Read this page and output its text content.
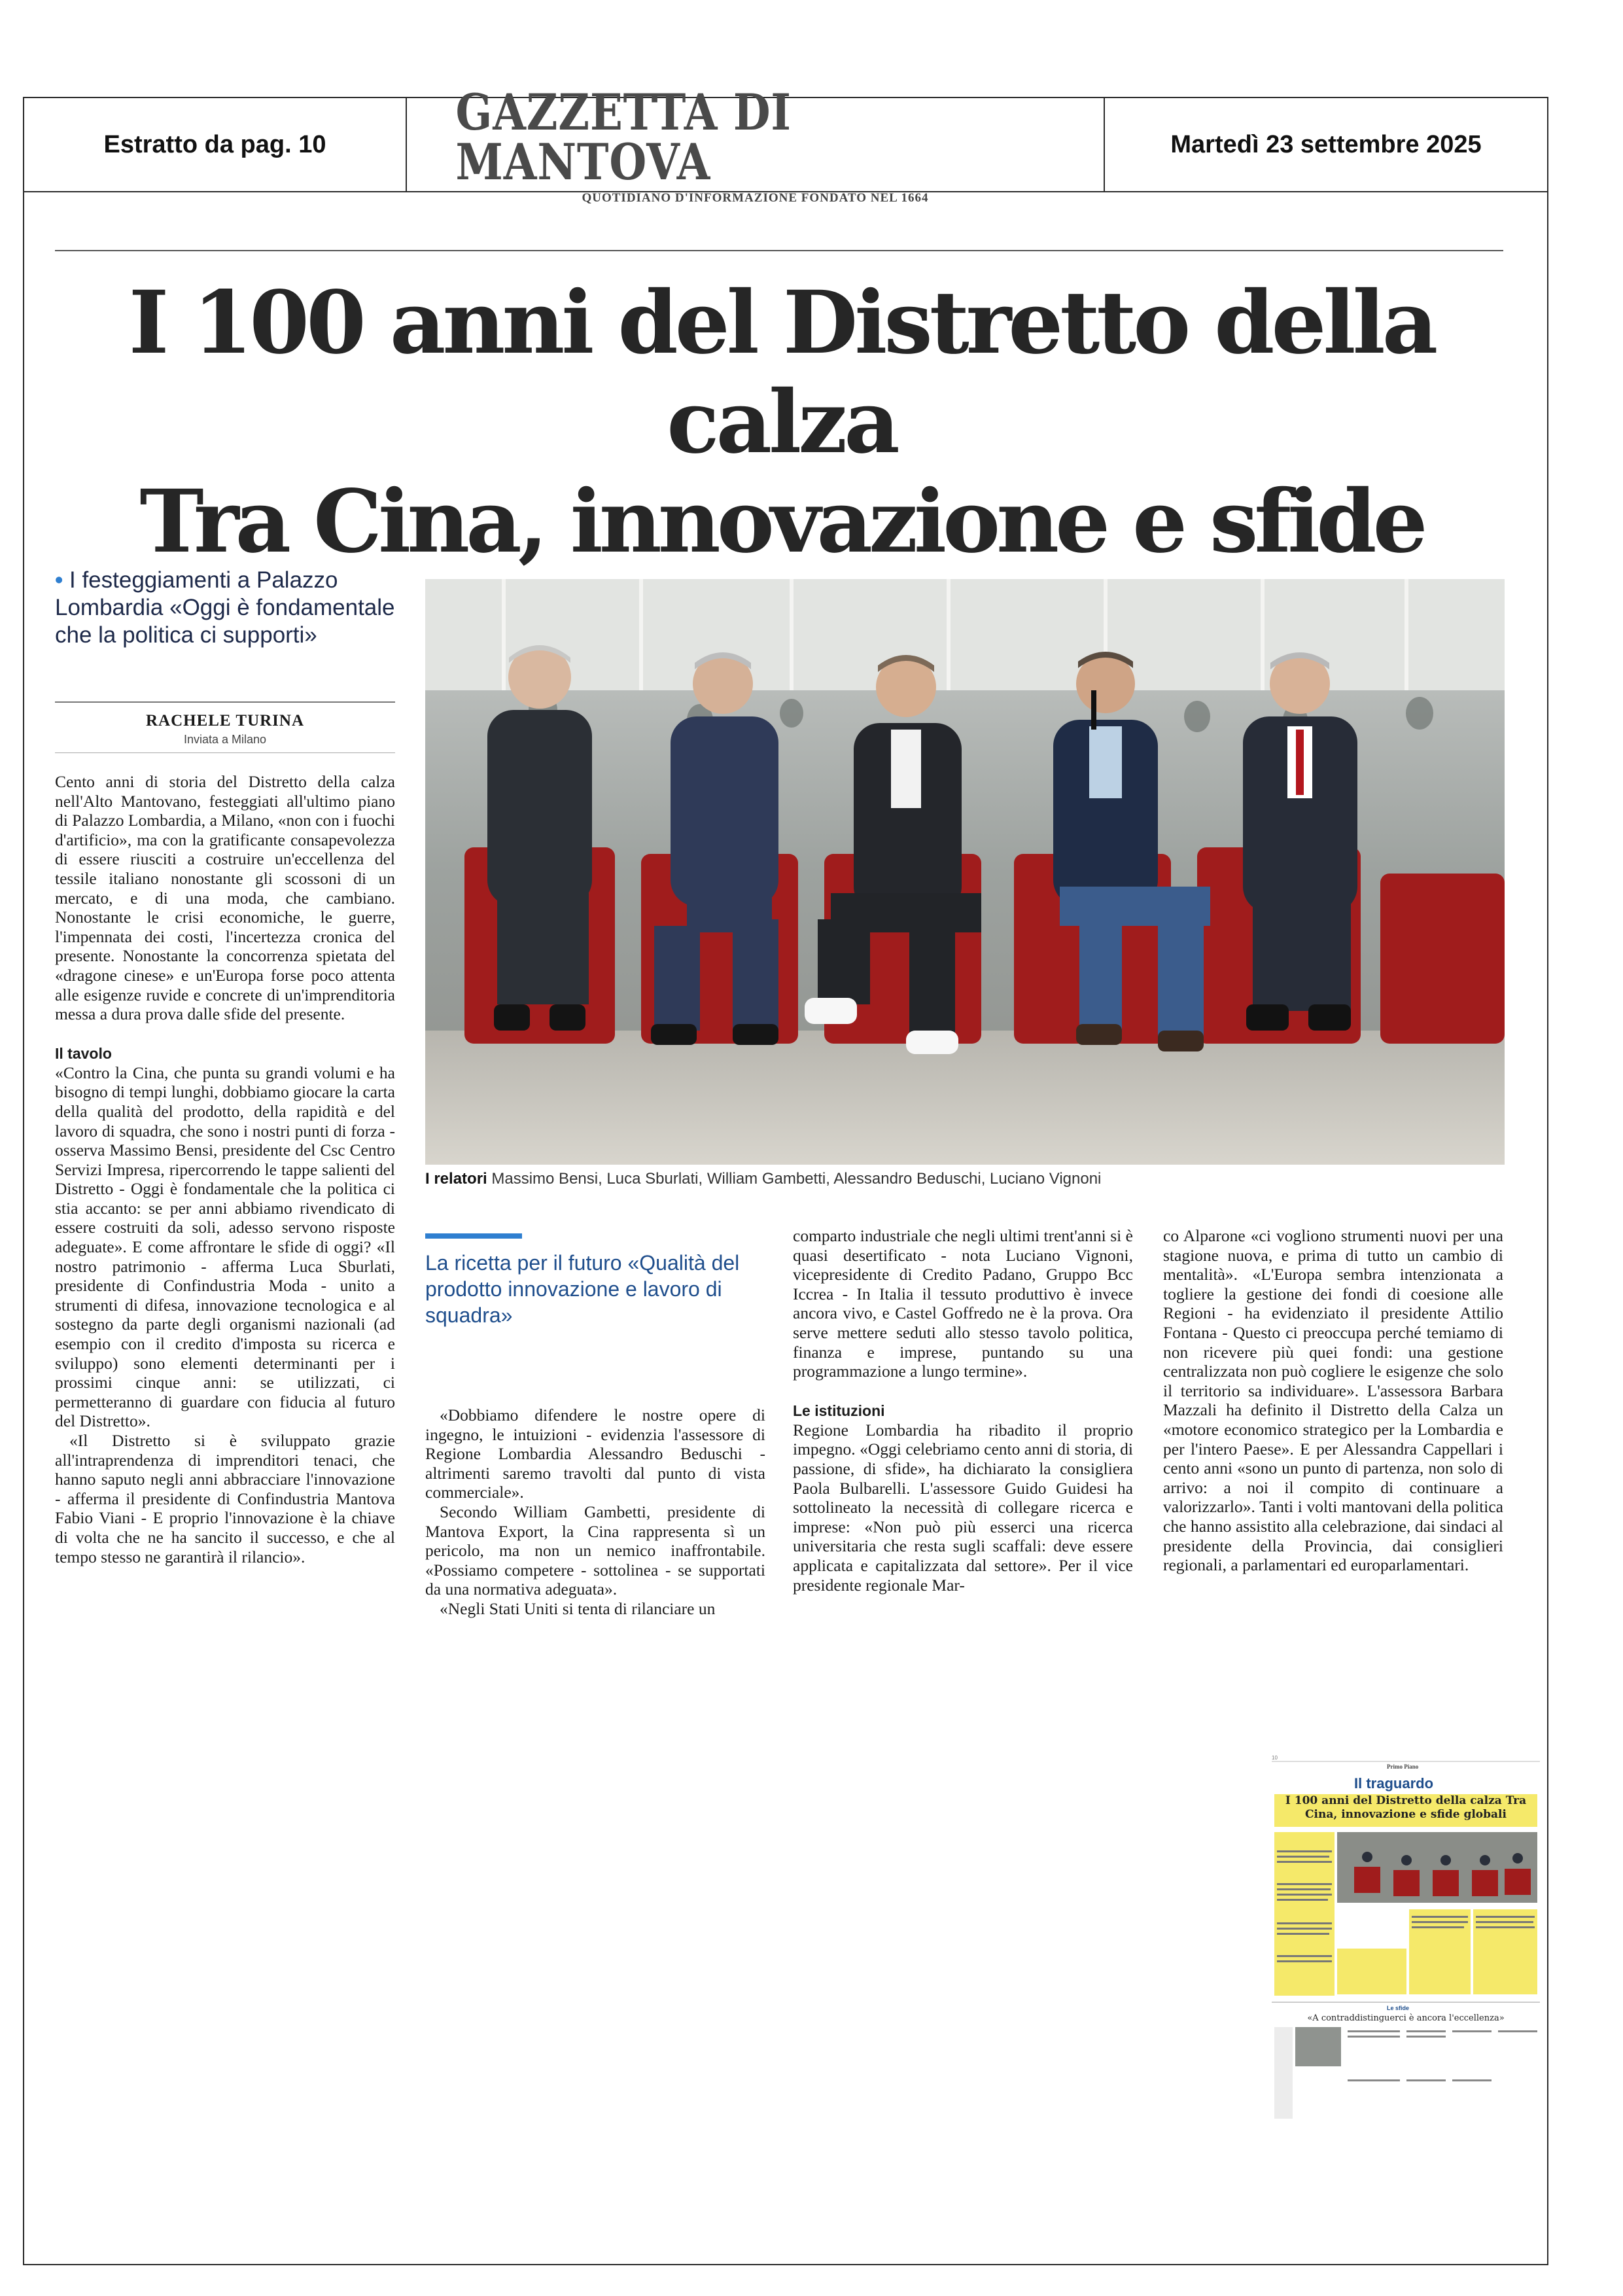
Estratto da pag. 10
GAZZETTA DI MANTOVA
QUOTIDIANO D'INFORMAZIONE FONDATO NEL 1664
Martedì 23 settembre 2025
I 100 anni del Distretto della calza
Tra Cina, innovazione e sfide
• I festeggiamenti a Palazzo Lombardia «Oggi è fondamentale che la politica ci supporti»
RACHELE TURINA
Inviata a Milano

Cento anni di storia del Distretto della calza nell'Alto Mantovano, festeggiati all'ultimo piano di Palazzo Lombardia, a Milano, «non con i fuochi d'artificio», ma con la gratificante consapevolezza di essere riusciti a costruire un'eccellenza del tessile italiano nonostante gli scossoni di un mercato, e di una moda, che cambiano. Nonostante le crisi economiche, le guerre, l'impennata dei costi, l'incertezza cronica del presente. Nonostante la concorrenza spietata del «dragone cinese» e un'Europa forse poco attenta alle esigenze ruvide e concrete di un'imprenditoria messa a dura prova dalle sfide del presente.

Il tavolo

«Contro la Cina, che punta su grandi volumi e ha bisogno di tempi lunghi, dobbiamo giocare la carta della qualità del prodotto, della rapidità e del lavoro di squadra, che sono i nostri punti di forza - osserva Massimo Bensi, presidente del Csc Centro Servizi Impresa, ripercorrendo le tappe salienti del Distretto - Oggi è fondamentale che la politica ci stia accanto: se per anni abbiamo rivendicato di essere costruiti da soli, adesso servono risposte adeguate». E come affrontare le sfide di oggi? «Il nostro patrimonio - afferma Luca Sburlati, presidente di Confindustria Moda - unito a strumenti di difesa, innovazione tecnologica e al sostegno da parte degli organismi nazionali (ad esempio con il credito d'imposta su ricerca e sviluppo) sono elementi determinanti per i prossimi cinque anni: se utilizzati, ci permetteranno di guardare con fiducia al futuro del Distretto».

«Il Distretto si è sviluppato grazie all'intraprendenza di imprenditori tenaci, che hanno saputo negli anni abbracciare l'innovazione - afferma il presidente di Confindustria Mantova Fabio Viani - E proprio l'innovazione è la chiave di volta che ne ha sancito il successo, e che al tempo stesso ne garantirà il rilancio».

I relatori Massimo Bensi, Luca Sburlati, William Gambetti, Alessandro Beduschi, Luciano Vignoni
La ricetta per il futuro «Qualità del prodotto innovazione e lavoro di squadra»

«Dobbiamo difendere le nostre opere di ingegno, le intuizioni - evidenzia l'assessore di Regione Lombardia Alessandro Beduschi - altrimenti saremo travolti dal punto di vista commerciale».

Secondo William Gambetti, presidente di Mantova Export, la Cina rappresenta sì un pericolo, ma non un nemico inaffrontabile. «Possiamo competere - sottolinea - se supportati da una normativa adeguata».

«Negli Stati Uniti si tenta di rilanciare un

comparto industriale che negli ultimi trent'anni si è quasi desertificato - nota Luciano Vignoni, vicepresidente di Credito Padano, Gruppo Bcc Iccrea - In Italia il tessuto produttivo è invece ancora vivo, e Castel Goffredo ne è la prova. Ora serve mettere seduti allo stesso tavolo politica, finanza e imprese, puntando su una programmazione a lungo termine».

Le istituzioni

Regione Lombardia ha ribadito il proprio impegno. «Oggi celebriamo cento anni di storia, di passione, di sfide», ha dichiarato la consigliera Paola Bulbarelli. L'assessore Guido Guidesi ha sottolineato la necessità di collegare ricerca e imprese: «Non può più esserci una ricerca universitaria che resta sugli scaffali: deve essere applicata e capitalizzata dal settore». Per il vice presidente regionale Mar-

co Alparone «ci vogliono strumenti nuovi per una stagione nuova, e prima di tutto un cambio di mentalità». «L'Europa sembra intenzionata a togliere la gestione dei fondi di coesione alle Regioni - ha evidenziato il presidente Attilio Fontana - Questo ci preoccupa perché temiamo di non ricevere più quei fondi: una gestione centralizzata non può cogliere le esigenze che solo il territorio sa individuare». L'assessora Barbara Mazzali ha definito il Distretto della Calza un «motore economico strategico per la Lombardia e per l'intero Paese». E per Alessandra Cappellari i cento anni «sono un punto di partenza, non solo di arrivo: a noi il compito di continuare a valorizzarlo». Tanti i volti mantovani della politica che hanno assistito alla celebrazione, dai sindaci al presidente della Provincia, dai consiglieri regionali, a parlamentari ed europarlamentari.

10
Primo Piano
Il traguardo
I 100 anni del Distretto della calza Tra Cina, innovazione e sfide globali
Le sfide
«A contraddistinguerci è ancora l'eccellenza»
